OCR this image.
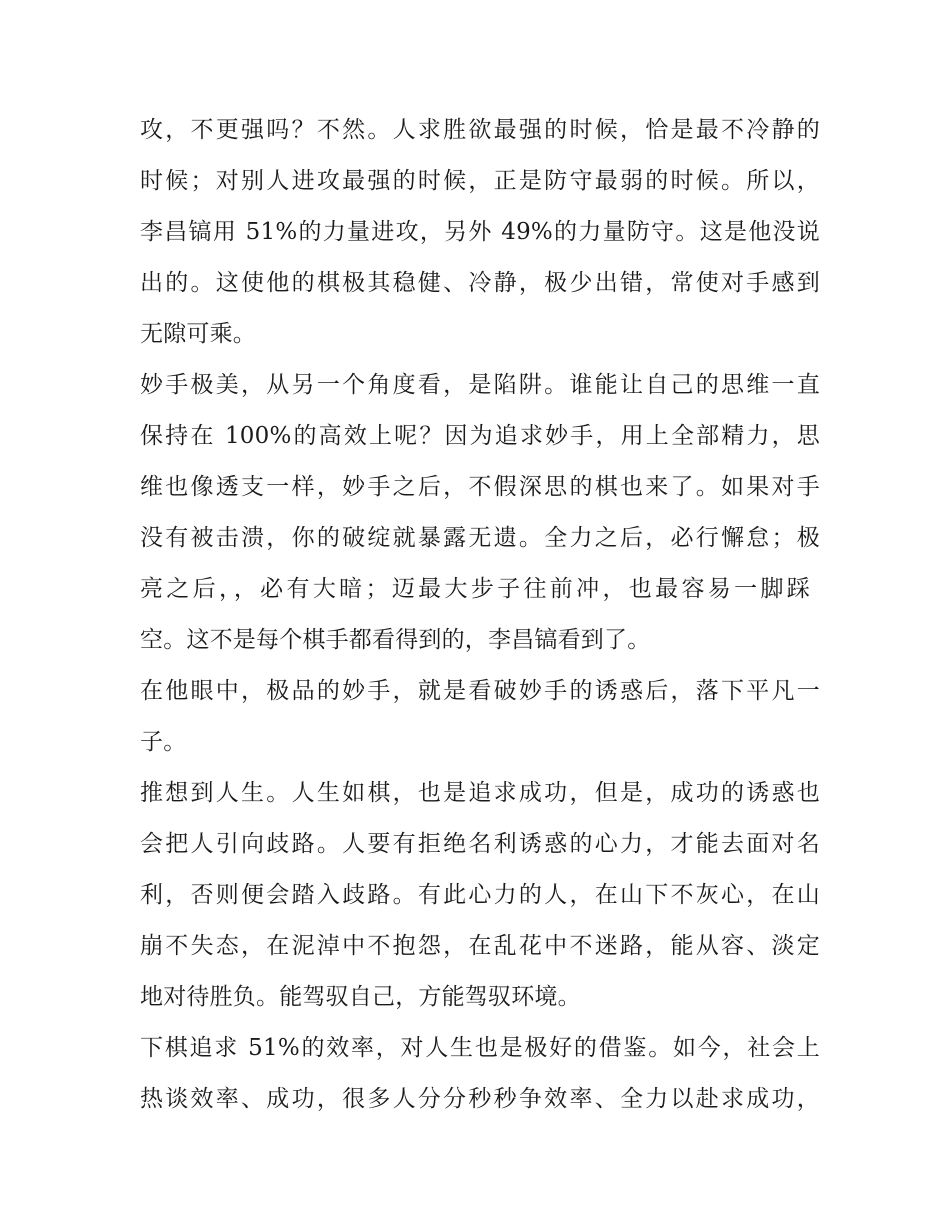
攻，不更强吗？不然。人求胜欲最强的时候，恰是最不冷静的
时候；对别人进攻最强的时候，正是防守最弱的时候。所以，
李昌镐用 51%的力量进攻，另外 49%的力量防守。这是他没说
出的。这使他的棋极其稳健、冷静，极少出错，常使对手感到
无隙可乘。
妙手极美，从另一个角度看，是陷阱。谁能让自己的思维一直
保持在 100%的高效上呢？因为追求妙手，用上全部精力，思
维也像透支一样，妙手之后，不假深思的棋也来了。如果对手
没有被击溃，你的破绽就暴露无遗。全力之后，必行懈怠；极
亮之后，，必有大暗；迈最大步子往前冲，也最容易一脚踩
空。这不是每个棋手都看得到的，李昌镐看到了。
在他眼中，极品的妙手，就是看破妙手的诱惑后，落下平凡一
子。
推想到人生。人生如棋，也是追求成功，但是，成功的诱惑也
会把人引向歧路。人要有拒绝名利诱惑的心力，才能去面对名
利，否则便会踏入歧路。有此心力的人，在山下不灰心，在山
崩不失态，在泥淖中不抱怨，在乱花中不迷路，能从容、淡定
地对待胜负。能驾驭自己，方能驾驭环境。
下棋追求 51%的效率，对人生也是极好的借鉴。如今，社会上
热谈效率、成功，很多人分分秒秒争效率、全力以赴求成功，
